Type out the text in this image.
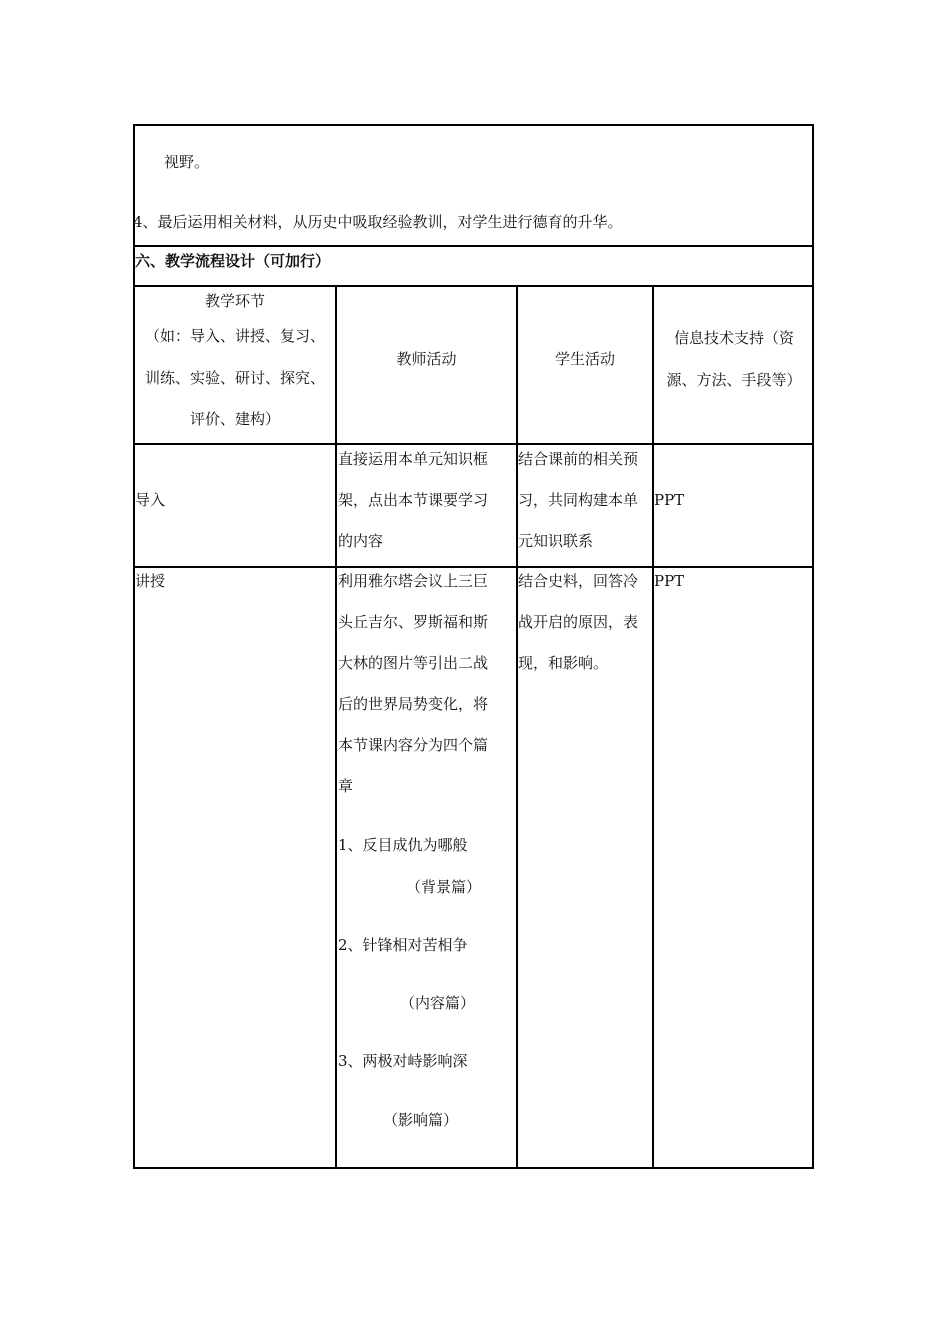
视野。
4、最后运用相关材料，从历史中吸取经验教训，对学生进行德育的升华。
六、教学流程设计（可加行）
教学环节
（如：导入、讲授、复习、
训练、实验、研讨、探究、
评价、建构）
教师活动	学生活动
信息技术支持（资
源、方法、手段等）
导入
直接运用本单元知识框
架，点出本节课要学习
的内容
结合课前的相关预
习，共同构建本单
元知识联系
PPT
讲授	利用雅尔塔会议上三巨
头丘吉尔、罗斯福和斯
大林的图片等引出二战
后的世界局势变化，将
本节课内容分为四个篇
章
1、反目成仇为哪般
（背景篇）
2、针锋相对苦相争
（内容篇）
3、两极对峙影响深
（影响篇）
结合史料，回答冷
战开启的原因，表
现，和影响。
PPT
